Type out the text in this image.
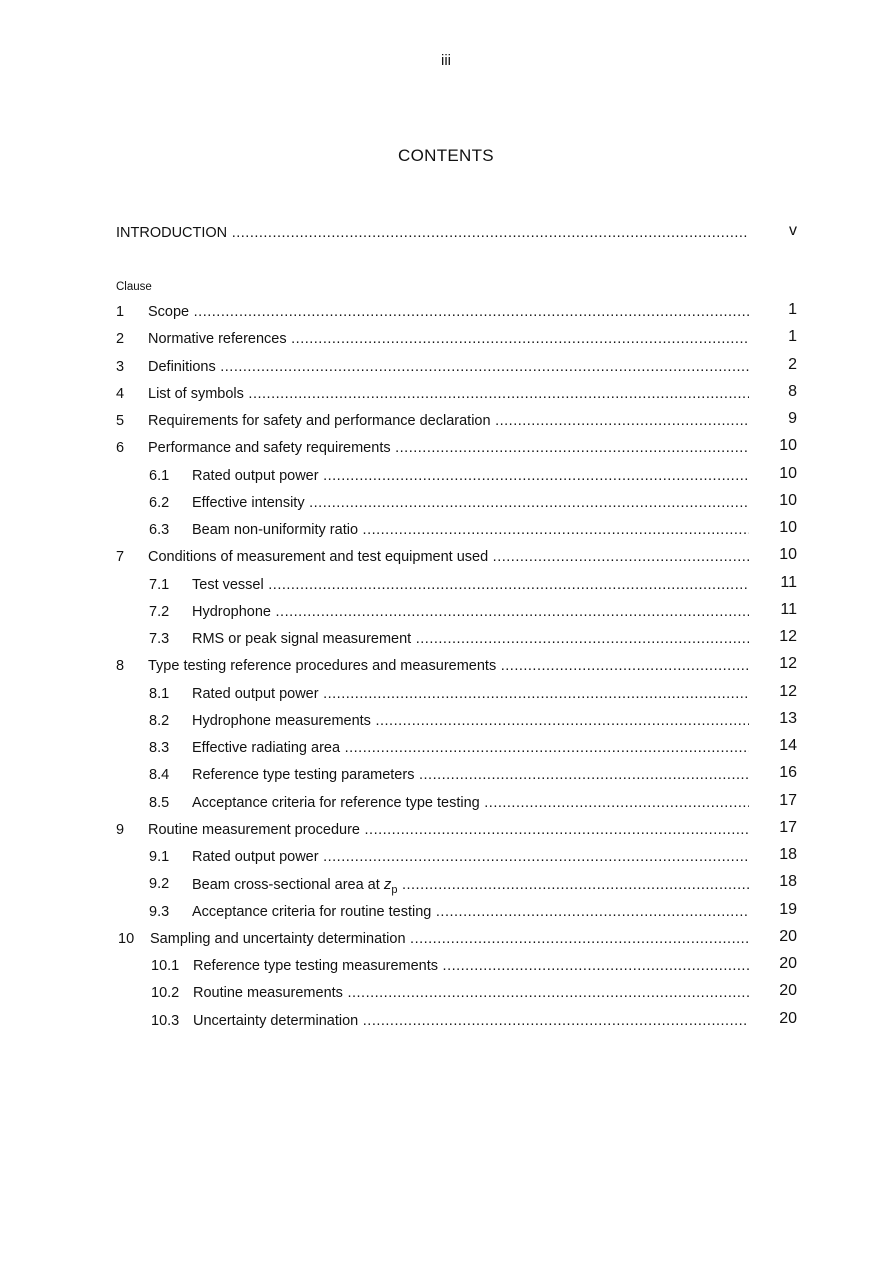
iii
CONTENTS
INTRODUCTION .....	v
Clause
1 Scope .....	1
2 Normative references .....	1
3 Definitions .....	2
4 List of symbols .....	8
5 Requirements for safety and performance declaration .....	9
6 Performance and safety requirements .....	10
6.1 Rated output power .....	10
6.2 Effective intensity .....	10
6.3 Beam non-uniformity ratio .....	10
7 Conditions of measurement and test equipment used .....	10
7.1 Test vessel .....	11
7.2 Hydrophone .....	11
7.3 RMS or peak signal measurement .....	12
8 Type testing reference procedures and measurements .....	12
8.1 Rated output power .....	12
8.2 Hydrophone measurements .....	13
8.3 Effective radiating area .....	14
8.4 Reference type testing parameters .....	16
8.5 Acceptance criteria for reference type testing .....	17
9 Routine measurement procedure .....	17
9.1 Rated output power .....	18
9.2 Beam cross-sectional area at $z_p$ .....	18
9.3 Acceptance criteria for routine testing .....	19
10 Sampling and uncertainty determination .....	20
10.1 Reference type testing measurements .....	20
10.2 Routine measurements .....	20
10.3 Uncertainty determination .....	20
